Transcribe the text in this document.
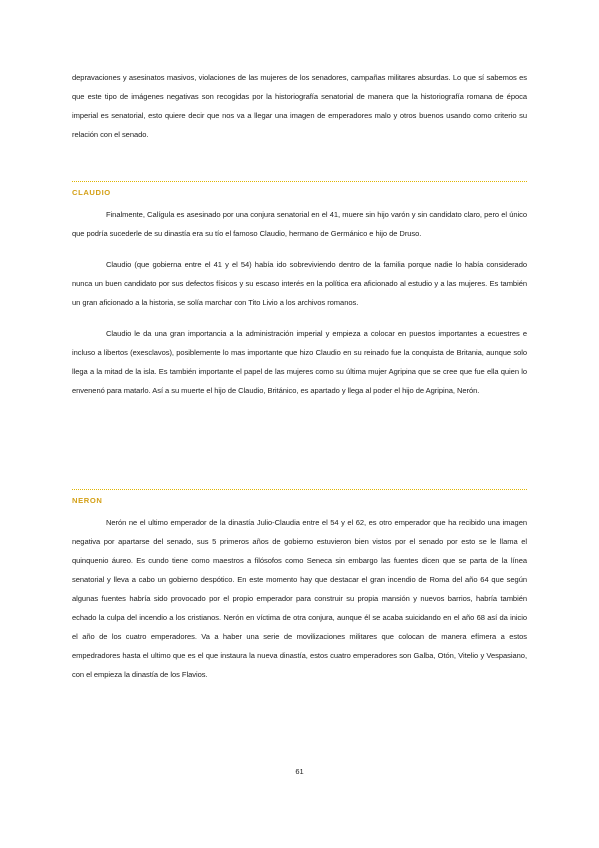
depravaciones y asesinatos masivos, violaciones de las mujeres de los senadores, campañas militares absurdas. Lo que sí sabemos es que este tipo de imágenes negativas son recogidas por la historiografía senatorial de manera que la historiografía romana de época imperial es senatorial, esto quiere decir que nos va a llegar una imagen de emperadores malo y otros buenos usando como criterio su relación con el senado.

CLAUDIO

Finalmente, Calígula es asesinado por una conjura senatorial en el 41, muere sin hijo varón y sin candidato claro, pero el único que podría sucederle de su dinastía era su tío el famoso Claudio, hermano de Germánico e hijo de Druso.

Claudio (que gobierna entre el 41 y el 54) había ido sobreviviendo dentro de la familia porque nadie lo había considerado nunca un buen candidato por sus defectos físicos y su escaso interés en la política era aficionado al estudio y a las mujeres. Es también un gran aficionado a la historia, se solía marchar con Tito Livio a los archivos romanos.

Claudio le da una gran importancia a la administración imperial y empieza a colocar en puestos importantes a ecuestres e incluso a libertos (exesclavos), posiblemente lo mas importante que hizo Claudio en su reinado fue la conquista de Britania, aunque solo llega a la mitad de la isla. Es también importante el papel de las mujeres como su última mujer Agripina que se cree que fue ella quien lo envenenó para matarlo. Así a su muerte el hijo de Claudio, Británico, es apartado y llega al poder el hijo de Agripina, Nerón.

NERON

Nerón ne el ultimo emperador de la dinastía Julio-Claudia entre el 54 y el 62, es otro emperador que ha recibido una imagen negativa por apartarse del senado, sus 5 primeros años de gobierno estuvieron bien vistos por el senado por esto se le llama el quinquenio áureo. Es cundo tiene como maestros a filósofos como Seneca sin embargo las fuentes dicen que se parta de la línea senatorial y lleva a cabo un gobierno despótico. En este momento hay que destacar el gran incendio de Roma del año 64 que según algunas fuentes habría sido provocado por el propio emperador para construir su propia mansión y nuevos barrios, habría también echado la culpa del incendio a los cristianos. Nerón en víctima de otra conjura, aunque él se acaba suicidando en el año 68 así da inicio el año de los cuatro emperadores. Va a haber una serie de movilizaciones militares que colocan de manera efímera a estos empedradores hasta el ultimo que es el que instaura la nueva dinastía, estos cuatro emperadores son Galba, Otón, Vitelio y Vespasiano, con el empieza la dinastía de los Flavios.

61
